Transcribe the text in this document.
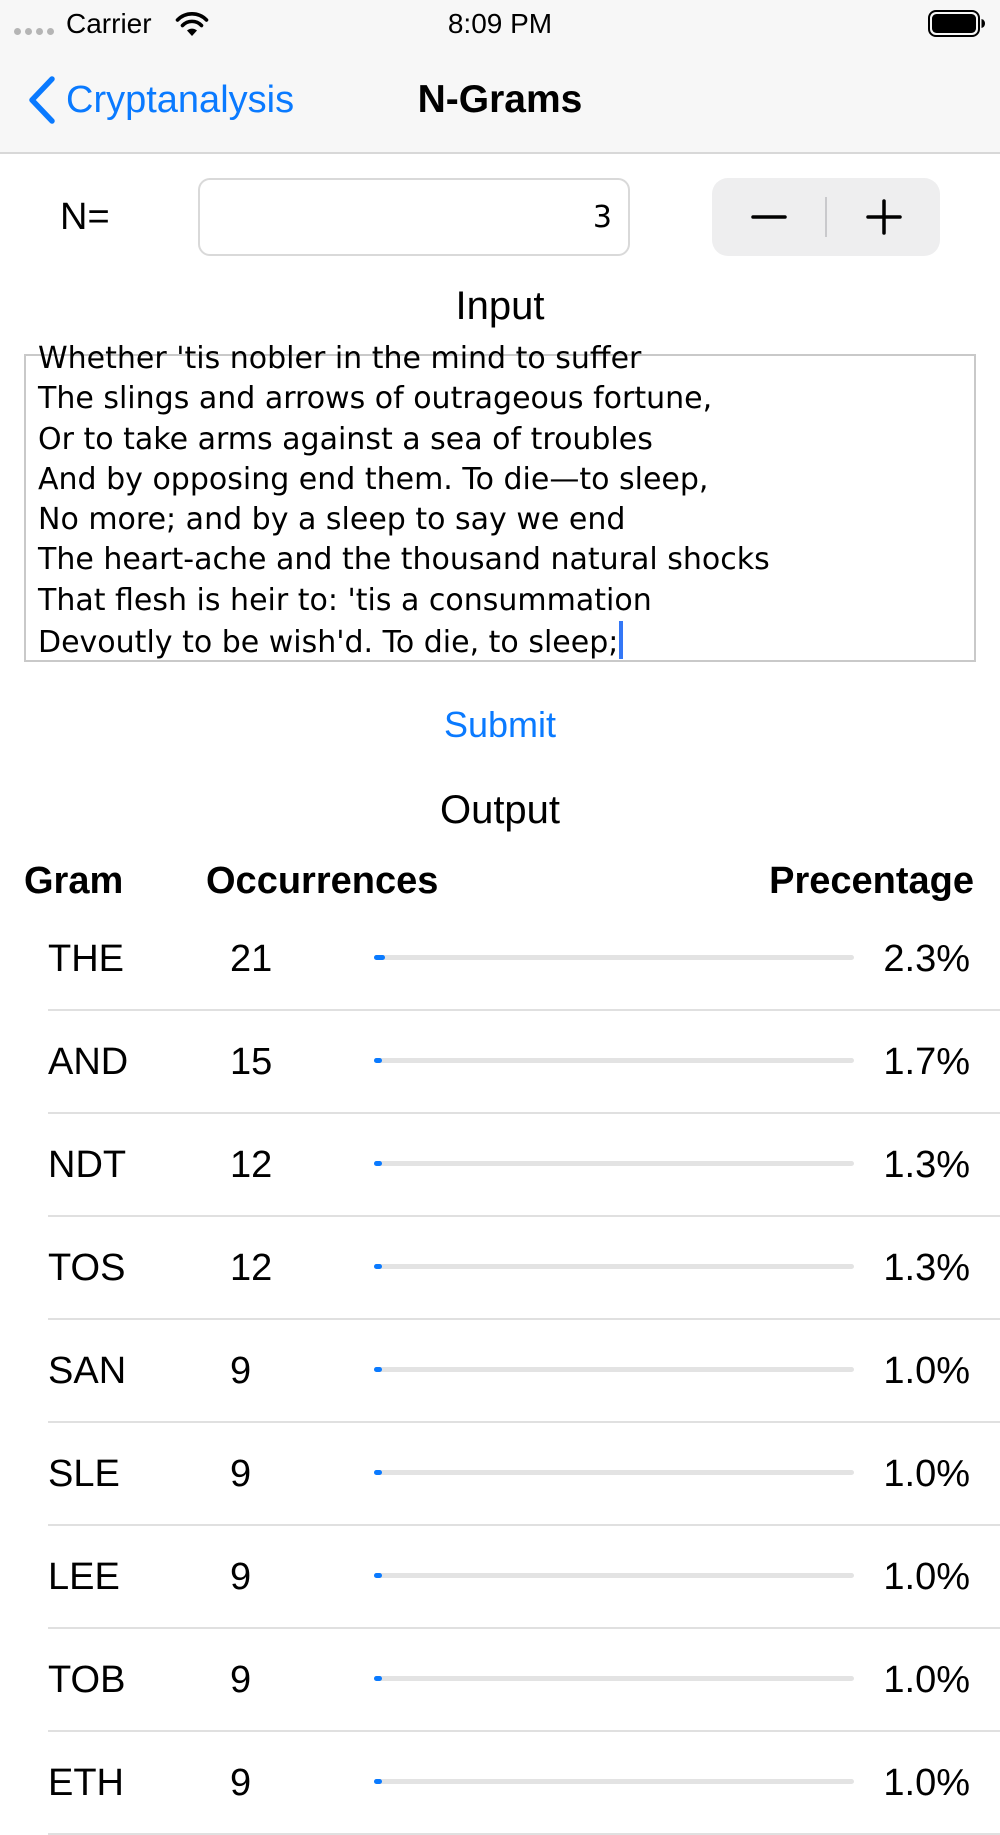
Carrier	8:09 PM
Cryptanalysis	N-Grams
N=
3
Input
Whether 'tis nobler in the mind to suffer
The slings and arrows of outrageous fortune,
Or to take arms against a sea of troubles
And by opposing end them. To die—to sleep,
No more; and by a sleep to say we end
The heart-ache and the thousand natural shocks
That flesh is heir to: 'tis a consummation
Devoutly to be wish'd. To die, to sleep;
Submit
Output
Gram Occurrences	Precentage
THE	21	2.3%
AND	15	1.7%
NDT	12	1.3%
TOS	12	1.3%
SAN	9	1.0%
SLE	9	1.0%
LEE	9	1.0%
TOB	9	1.0%
ETH	9	1.0%
